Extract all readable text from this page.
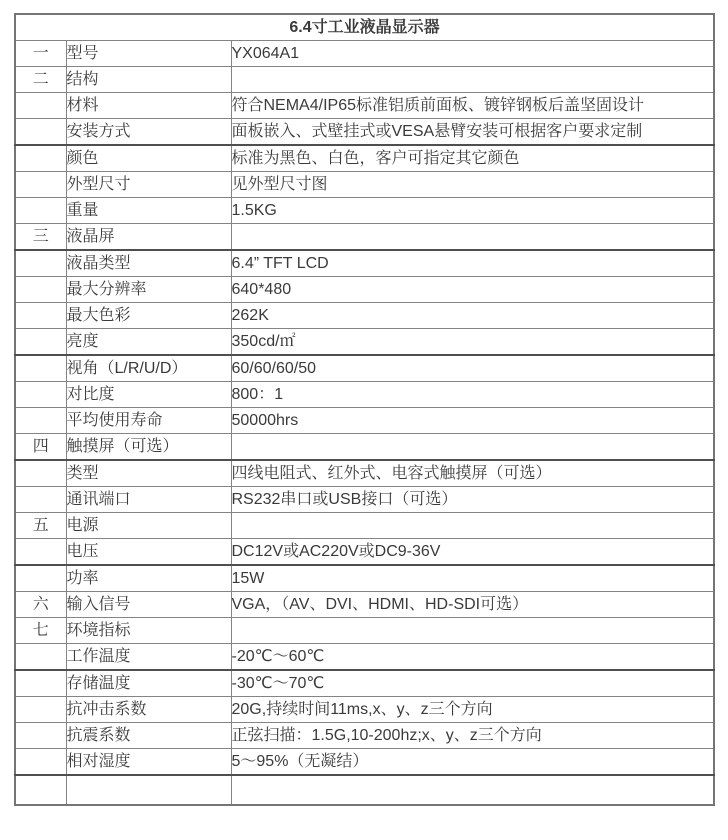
6.4寸工业液晶显示器		
一	型号	YX064A1
二	结构	
	材料	符合NEMA4/IP65标准铝质前面板、镀锌钢板后盖坚固设计
	安装方式	面板嵌入、式壁挂式或VESA悬臂安装可根据客户要求定制
	颜色	标准为黑色、白色，客户可指定其它颜色
	外型尺寸	见外型尺寸图
	重量	1.5KG
三	液晶屏	
	液晶类型	6.4” TFT LCD
	最大分辨率	640*480
	最大色彩	262K
	亮度	350cd/㎡
	视角（L/R/U/D）	60/60/60/50
	对比度	800：1
	平均使用寿命	50000hrs
四	触摸屏（可选）	
	类型	四线电阻式、红外式、电容式触摸屏（可选）
	通讯端口	RS232串口或USB接口（可选）
五	电源	
	电压	DC12V或AC220V或DC9-36V
	功率	15W
六	输入信号	VGA，（AV、DVI、HDMI、HD-SDI可选）
七	环境指标	
	工作温度	-20℃～60℃
	存储温度	-30℃～70℃
	抗冲击系数	20G,持续时间11ms,x、y、z三个方向
	抗震系数	正弦扫描：1.5G,10-200hz;x、y、z三个方向
	相对湿度	5～95%（无凝结）
